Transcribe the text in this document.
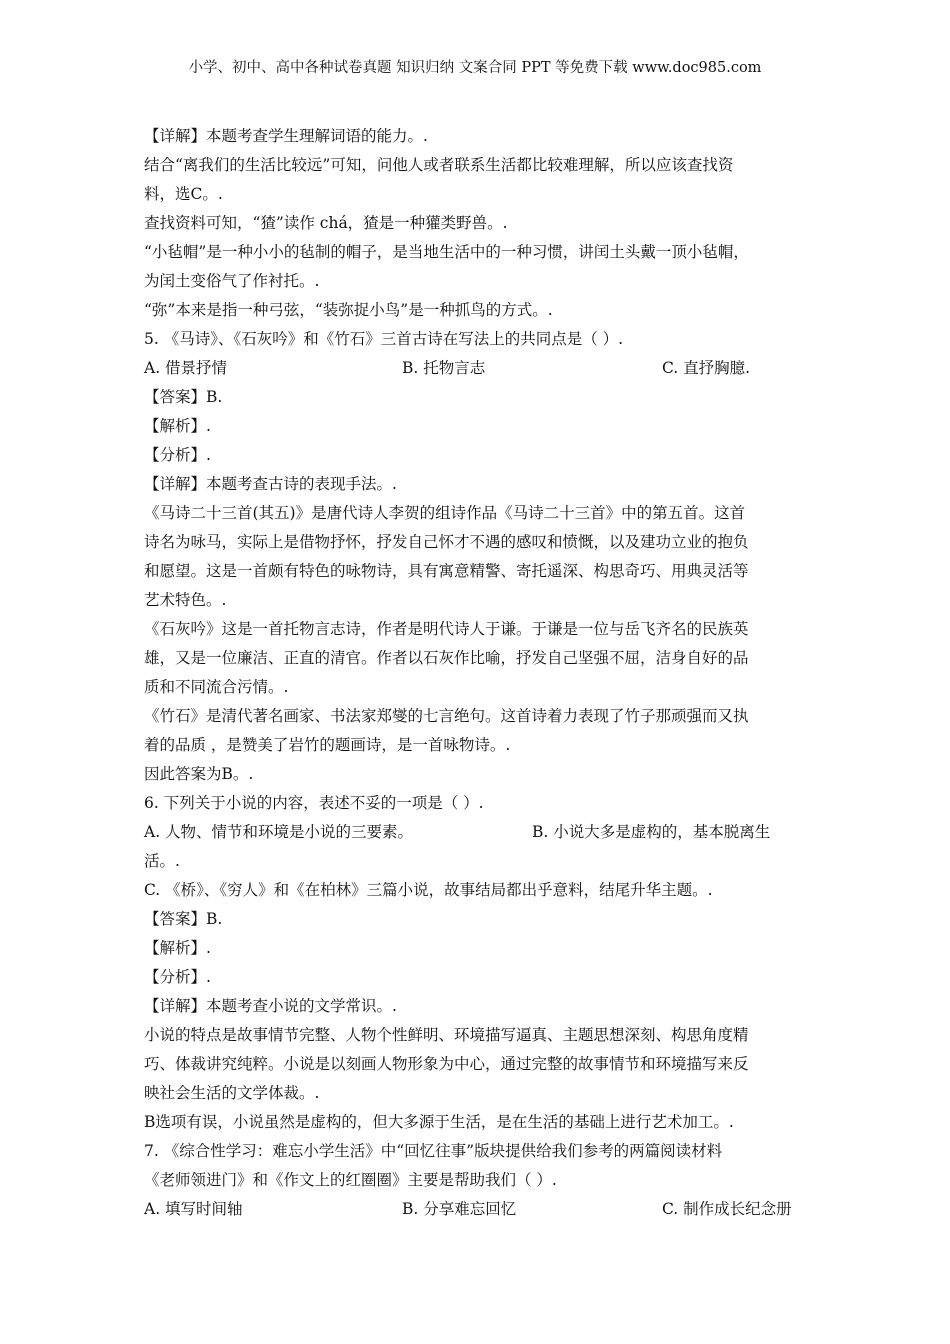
小学、初中、高中各种试卷真题 知识归纳 文案合同 PPT 等免费下载 www.doc985.com
【详解】本题考查学生理解词语的能力。.
结合“离我们的生活比较远”可知，问他人或者联系生活都比较难理解，所以应该查找资
料，选C。.
查找资料可知，“猹”读作 chá，猹是一种獾类野兽。.
“小毡帽”是一种小小的毡制的帽子，是当地生活中的一种习惯，讲闰土头戴一顶小毡帽，
为闰土变俗气了作衬托。.
“弥”本来是指一种弓弦，“装弥捉小鸟”是一种抓鸟的方式。.
5. 《马诗》、《石灰吟》和《竹石》三首古诗在写法上的共同点是（ ）.
A. 借景抒情	B. 托物言志	C. 直抒胸臆.
【答案】B.
【解析】.
【分析】.
【详解】本题考查古诗的表现手法。.
《马诗二十三首(其五)》是唐代诗人李贺的组诗作品《马诗二十三首》中的第五首。这首
诗名为咏马，实际上是借物抒怀，抒发自己怀才不遇的感叹和愤慨，以及建功立业的抱负
和愿望。这是一首颇有特色的咏物诗，具有寓意精警、寄托遥深、构思奇巧、用典灵活等
艺术特色。.
《石灰吟》这是一首托物言志诗，作者是明代诗人于谦。于谦是一位与岳飞齐名的民族英
雄，又是一位廉洁、正直的清官。作者以石灰作比喻，抒发自己坚强不屈，洁身自好的品
质和不同流合污情。.
《竹石》是清代著名画家、书法家郑燮的七言绝句。这首诗着力表现了竹子那顽强而又执
着的品质 ，是赞美了岩竹的题画诗，是一首咏物诗。.
因此答案为B。.
6. 下列关于小说的内容，表述不妥的一项是（ ）.
A. 人物、情节和环境是小说的三要素。	B. 小说大多是虚构的，基本脱离生
活。.
C. 《桥》、《穷人》和《在柏林》三篇小说，故事结局都出乎意料，结尾升华主题。.
【答案】B.
【解析】.
【分析】.
【详解】本题考查小说的文学常识。.
小说的特点是故事情节完整、人物个性鲜明、环境描写逼真、主题思想深刻、构思角度精
巧、体裁讲究纯粹。小说是以刻画人物形象为中心，通过完整的故事情节和环境描写来反
映社会生活的文学体裁。.
B选项有误，小说虽然是虚构的，但大多源于生活，是在生活的基础上进行艺术加工。.
7. 《综合性学习：难忘小学生活》中“回忆往事”版块提供给我们参考的两篇阅读材料
《老师领进门》和《作文上的红圈圈》主要是帮助我们（ ）.
A. 填写时间轴	B. 分享难忘回忆	C. 制作成长纪念册
